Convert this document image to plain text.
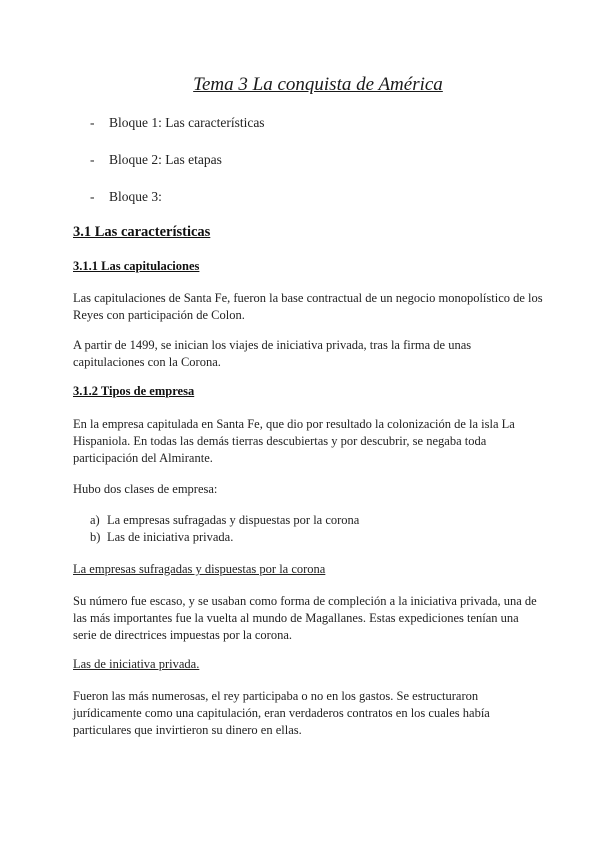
Tema 3 La conquista de América
- Bloque 1: Las características
- Bloque 2: Las etapas
- Bloque 3:
3.1 Las características
3.1.1 Las capitulaciones
Las capitulaciones de Santa Fe, fueron la base contractual de un negocio monopolístico de los
Reyes con participación de Colon.
A partir de 1499, se inician los viajes de iniciativa privada, tras la firma de unas
capitulaciones con la Corona.
3.1.2 Tipos de empresa
En la empresa capitulada en Santa Fe, que dio por resultado la colonización de la isla La
Hispaniola. En todas las demás tierras descubiertas y por descubrir, se negaba toda
participación del Almirante.
Hubo dos clases de empresa:
a) La empresas sufragadas y dispuestas por la corona
b) Las de iniciativa privada.
La empresas sufragadas y dispuestas por la corona
Su número fue escaso, y se usaban como forma de compleción a la iniciativa privada, una de
las más importantes fue la vuelta al mundo de Magallanes. Estas expediciones tenían una
serie de directrices impuestas por la corona.
Las de iniciativa privada.
Fueron las más numerosas, el rey participaba o no en los gastos. Se estructuraron
jurídicamente como una capitulación, eran verdaderos contratos en los cuales había
particulares que invirtieron su dinero en ellas.
